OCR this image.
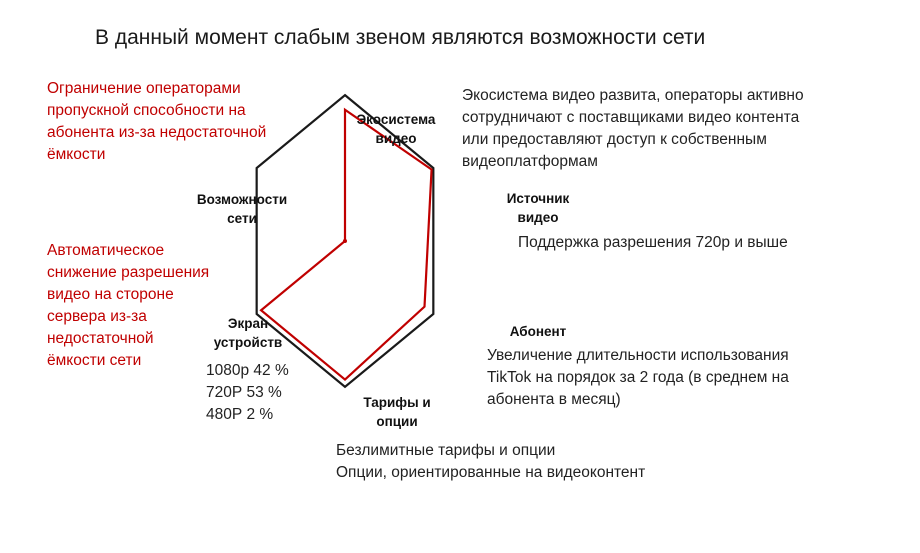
В данный момент слабым звеном являются возможности сети
Экосистема
видео
Источник
видео
Абонент
Тарифы и
опции
Экран
устройств
Возможности
сети
Ограничение операторами
пропускной способности на
абонента из-за недостаточной
ёмкости
Автоматическое
снижение разрешения
видео на стороне
сервера из-за
недостаточной
ёмкости сети
Экосистема видео развита, операторы активно
сотрудничают с поставщиками видео контента
или предоставляют доступ к собственным
видеоплатформам
Поддержка разрешения 720р и выше
Увеличение длительности использования
TikTok на порядок за 2 года (в среднем на
абонента в месяц)
1080р 42 %
720Р 53 %
480Р 2 %
Безлимитные тарифы и опции
Опции, ориентированные на видеоконтент
